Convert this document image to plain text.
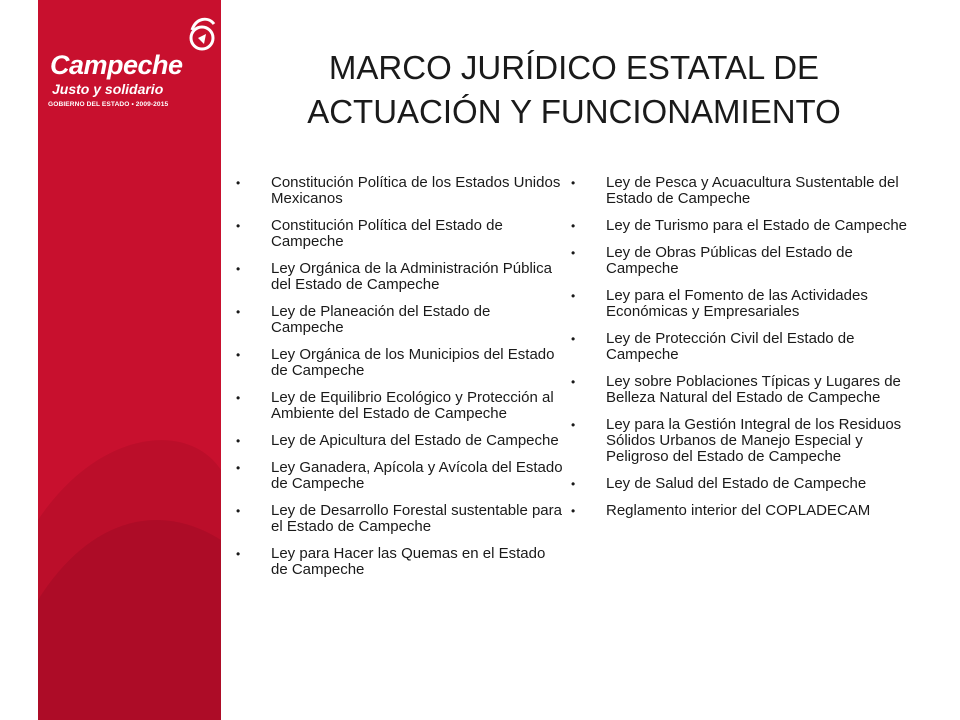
Campeche
Justo y solidario
GOBIERNO DEL ESTADO • 2009-2015
MARCO JURÍDICO ESTATAL DE ACTUACIÓN Y FUNCIONAMIENTO
• Constitución Política de los Estados Unidos Mexicanos
• Constitución Política del Estado de Campeche
• Ley Orgánica de la Administración Pública del Estado de Campeche
• Ley de Planeación del Estado de Campeche
• Ley Orgánica de los Municipios del Estado de Campeche
• Ley de Equilibrio Ecológico y Protección al Ambiente del Estado de Campeche
• Ley de Apicultura del Estado de Campeche
• Ley Ganadera, Apícola y Avícola del Estado de Campeche
• Ley de Desarrollo Forestal sustentable para el Estado de Campeche
• Ley para Hacer las Quemas en el Estado de Campeche
• Ley de Pesca y Acuacultura Sustentable del Estado de Campeche
• Ley de Turismo para el Estado de Campeche
• Ley de Obras Públicas del Estado de Campeche
• Ley para el Fomento de las Actividades Económicas y Empresariales
• Ley de Protección Civil del Estado de Campeche
• Ley sobre Poblaciones Típicas y Lugares de Belleza Natural del Estado de Campeche
• Ley para la Gestión Integral de los Residuos Sólidos Urbanos de Manejo Especial y Peligroso del Estado de Campeche
• Ley de Salud del Estado de Campeche
• Reglamento interior del COPLADECAM
